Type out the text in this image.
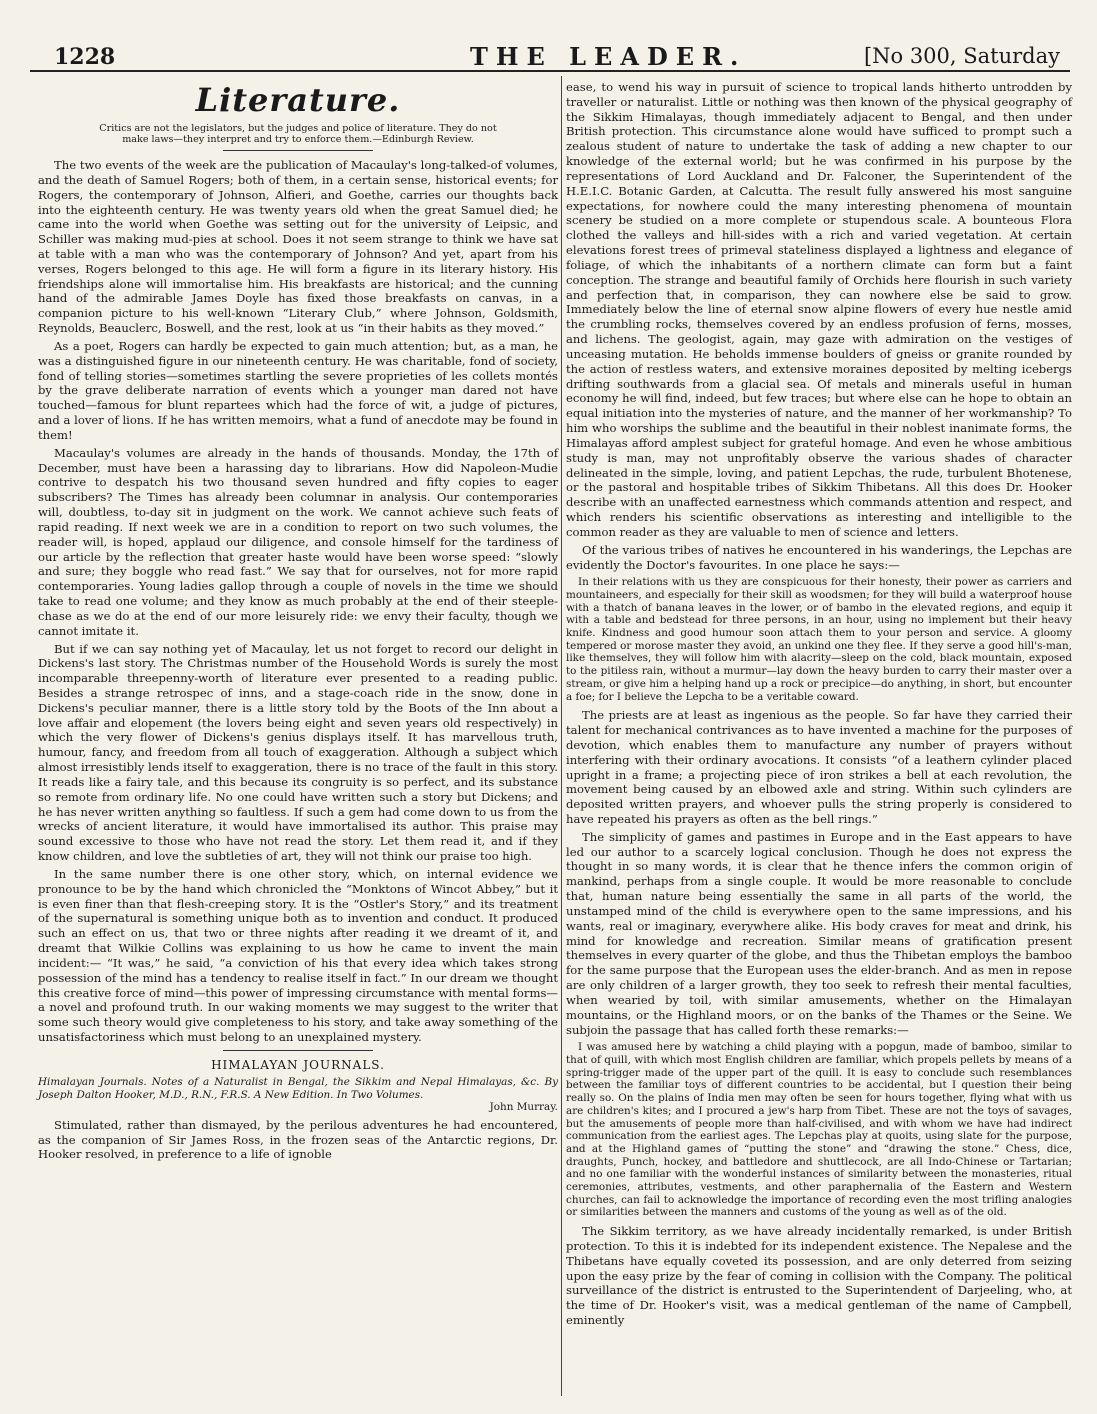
1228	THE LEADER.	[No 300, Saturday
Literature.
Critics are not the legislators, but the judges and police of literature. They do not
make laws—they interpret and try to enforce them.—Edinburgh Review.

The two events of the week are the publication of Macaulay's long-talked-of volumes, and the death of Samuel Rogers; both of them, in a certain sense, historical events; for Rogers, the contemporary of Johnson, Alfieri, and Goethe, carries our thoughts back into the eighteenth century. He was twenty years old when the great Samuel died; he came into the world when Goethe was setting out for the university of Leipsic, and Schiller was making mud-pies at school. Does it not seem strange to think we have sat at table with a man who was the contemporary of Johnson? And yet, apart from his verses, Rogers belonged to this age. He will form a figure in its literary history. His friendships alone will immortalise him. His breakfasts are historical; and the cunning hand of the admirable James Doyle has fixed those breakfasts on canvas, in a companion picture to his well-known “Literary Club,” where Johnson, Goldsmith, Reynolds, Beauclerc, Boswell, and the rest, look at us “in their habits as they moved.”

As a poet, Rogers can hardly be expected to gain much attention; but, as a man, he was a distinguished figure in our nineteenth century. He was charitable, fond of society, fond of telling stories—sometimes startling the severe proprieties of les collets montés by the grave deliberate narration of events which a younger man dared not have touched—famous for blunt repartees which had the force of wit, a judge of pictures, and a lover of lions. If he has written memoirs, what a fund of anecdote may be found in them!

Macaulay's volumes are already in the hands of thousands. Monday, the 17th of December, must have been a harassing day to librarians. How did Napoleon-Mudie contrive to despatch his two thousand seven hundred and fifty copies to eager subscribers? The Times has already been columnar in analysis. Our contemporaries will, doubtless, to-day sit in judgment on the work. We cannot achieve such feats of rapid reading. If next week we are in a condition to report on two such volumes, the reader will, is hoped, applaud our diligence, and console himself for the tardiness of our article by the reflection that greater haste would have been worse speed: “slowly and sure; they boggle who read fast.” We say that for ourselves, not for more rapid contemporaries. Young ladies gallop through a couple of novels in the time we should take to read one volume; and they know as much probably at the end of their steeple-chase as we do at the end of our more leisurely ride: we envy their faculty, though we cannot imitate it.

But if we can say nothing yet of Macaulay, let us not forget to record our delight in Dickens's last story. The Christmas number of the Household Words is surely the most incomparable threepenny-worth of literature ever presented to a reading public. Besides a strange retrospec of inns, and a stage-coach ride in the snow, done in Dickens's peculiar manner, there is a little story told by the Boots of the Inn about a love affair and elopement (the lovers being eight and seven years old respectively) in which the very flower of Dickens's genius displays itself. It has marvellous truth, humour, fancy, and freedom from all touch of exaggeration. Although a subject which almost irresistibly lends itself to exaggeration, there is no trace of the fault in this story. It reads like a fairy tale, and this because its congruity is so perfect, and its substance so remote from ordinary life. No one could have written such a story but Dickens; and he has never written anything so faultless. If such a gem had come down to us from the wrecks of ancient literature, it would have immortalised its author. This praise may sound excessive to those who have not read the story. Let them read it, and if they know children, and love the subtleties of art, they will not think our praise too high.

In the same number there is one other story, which, on internal evidence we pronounce to be by the hand which chronicled the “Monktons of Wincot Abbey,” but it is even finer than that flesh-creeping story. It is the “Ostler's Story,” and its treatment of the supernatural is something unique both as to invention and conduct. It produced such an effect on us, that two or three nights after reading it we dreamt of it, and dreamt that Wilkie Collins was explaining to us how he came to invent the main incident:— “It was,” he said, “a conviction of his that every idea which takes strong possession of the mind has a tendency to realise itself in fact.” In our dream we thought this creative force of mind—this power of impressing circumstance with mental forms—a novel and profound truth. In our waking moments we may suggest to the writer that some such theory would give completeness to his story, and take away something of the unsatisfactoriness which must belong to an unexplained mystery.

HIMALAYAN JOURNALS.
Himalayan Journals. Notes of a Naturalist in Bengal, the Sikkim and Nepal Himalayas, &c. By Joseph Dalton Hooker, M.D., R.N., F.R.S. A New Edition. In Two Volumes.
John Murray.

Stimulated, rather than dismayed, by the perilous adventures he had encountered, as the companion of Sir James Ross, in the frozen seas of the Antarctic regions, Dr. Hooker resolved, in preference to a life of ignoble

ease, to wend his way in pursuit of science to tropical lands hitherto untrodden by traveller or naturalist. Little or nothing was then known of the physical geography of the Sikkim Himalayas, though immediately adjacent to Bengal, and then under British protection. This circumstance alone would have sufficed to prompt such a zealous student of nature to undertake the task of adding a new chapter to our knowledge of the external world; but he was confirmed in his purpose by the representations of Lord Auckland and Dr. Falconer, the Superintendent of the H.E.I.C. Botanic Garden, at Calcutta. The result fully answered his most sanguine expectations, for nowhere could the many interesting phenomena of mountain scenery be studied on a more complete or stupendous scale. A bounteous Flora clothed the valleys and hill-sides with a rich and varied vegetation. At certain elevations forest trees of primeval stateliness displayed a lightness and elegance of foliage, of which the inhabitants of a northern climate can form but a faint conception. The strange and beautiful family of Orchids here flourish in such variety and perfection that, in comparison, they can nowhere else be said to grow. Immediately below the line of eternal snow alpine flowers of every hue nestle amid the crumbling rocks, themselves covered by an endless profusion of ferns, mosses, and lichens. The geologist, again, may gaze with admiration on the vestiges of unceasing mutation. He beholds immense boulders of gneiss or granite rounded by the action of restless waters, and extensive moraines deposited by melting icebergs drifting southwards from a glacial sea. Of metals and minerals useful in human economy he will find, indeed, but few traces; but where else can he hope to obtain an equal initiation into the mysteries of nature, and the manner of her workmanship? To him who worships the sublime and the beautiful in their noblest inanimate forms, the Himalayas afford amplest subject for grateful homage. And even he whose ambitious study is man, may not unprofitably observe the various shades of character delineated in the simple, loving, and patient Lepchas, the rude, turbulent Bhotenese, or the pastoral and hospitable tribes of Sikkim Thibetans. All this does Dr. Hooker describe with an unaffected earnestness which commands attention and respect, and which renders his scientific observations as interesting and intelligible to the common reader as they are valuable to men of science and letters.

Of the various tribes of natives he encountered in his wanderings, the Lepchas are evidently the Doctor's favourites. In one place he says:—

In their relations with us they are conspicuous for their honesty, their power as carriers and mountaineers, and especially for their skill as woodsmen; for they will build a waterproof house with a thatch of banana leaves in the lower, or of bambo in the elevated regions, and equip it with a table and bedstead for three persons, in an hour, using no implement but their heavy knife. Kindness and good humour soon attach them to your person and service. A gloomy tempered or morose master they avoid, an unkind one they flee. If they serve a good hill's-man, like themselves, they will follow him with alacrity—sleep on the cold, black mountain, exposed to the pitiless rain, without a murmur—lay down the heavy burden to carry their master over a stream, or give him a helping hand up a rock or precipice—do anything, in short, but encounter a foe; for I believe the Lepcha to be a veritable coward.

The priests are at least as ingenious as the people. So far have they carried their talent for mechanical contrivances as to have invented a machine for the purposes of devotion, which enables them to manufacture any number of prayers without interfering with their ordinary avocations. It consists “of a leathern cylinder placed upright in a frame; a projecting piece of iron strikes a bell at each revolution, the movement being caused by an elbowed axle and string. Within such cylinders are deposited written prayers, and whoever pulls the string properly is considered to have repeated his prayers as often as the bell rings.”

The simplicity of games and pastimes in Europe and in the East appears to have led our author to a scarcely logical conclusion. Though he does not express the thought in so many words, it is clear that he thence infers the common origin of mankind, perhaps from a single couple. It would be more reasonable to conclude that, human nature being essentially the same in all parts of the world, the unstamped mind of the child is everywhere open to the same impressions, and his wants, real or imaginary, everywhere alike. His body craves for meat and drink, his mind for knowledge and recreation. Similar means of gratification present themselves in every quarter of the globe, and thus the Thibetan employs the bamboo for the same purpose that the European uses the elder-branch. And as men in repose are only children of a larger growth, they too seek to refresh their mental faculties, when wearied by toil, with similar amusements, whether on the Himalayan mountains, or the Highland moors, or on the banks of the Thames or the Seine. We subjoin the passage that has called forth these remarks:—

I was amused here by watching a child playing with a popgun, made of bamboo, similar to that of quill, with which most English children are familiar, which propels pellets by means of a spring-trigger made of the upper part of the quill. It is easy to conclude such resemblances between the familiar toys of different countries to be accidental, but I question their being really so. On the plains of India men may often be seen for hours together, flying what with us are children's kites; and I procured a jew's harp from Tibet. These are not the toys of savages, but the amusements of people more than half-civilised, and with whom we have had indirect communication from the earliest ages. The Lepchas play at quoits, using slate for the purpose, and at the Highland games of “putting the stone” and “drawing the stone.” Chess, dice, draughts, Punch, hockey, and battledore and shuttlecock, are all Indo-Chinese or Tartarian; and no one familiar with the wonderful instances of similarity between the monasteries, ritual ceremonies, attributes, vestments, and other paraphernalia of the Eastern and Western churches, can fail to acknowledge the importance of recording even the most trifling analogies or similarities between the manners and customs of the young as well as of the old.

The Sikkim territory, as we have already incidentally remarked, is under British protection. To this it is indebted for its independent existence. The Nepalese and the Thibetans have equally coveted its possession, and are only deterred from seizing upon the easy prize by the fear of coming in collision with the Company. The political surveillance of the district is entrusted to the Superintendent of Darjeeling, who, at the time of Dr. Hooker's visit, was a medical gentleman of the name of Campbell, eminently
